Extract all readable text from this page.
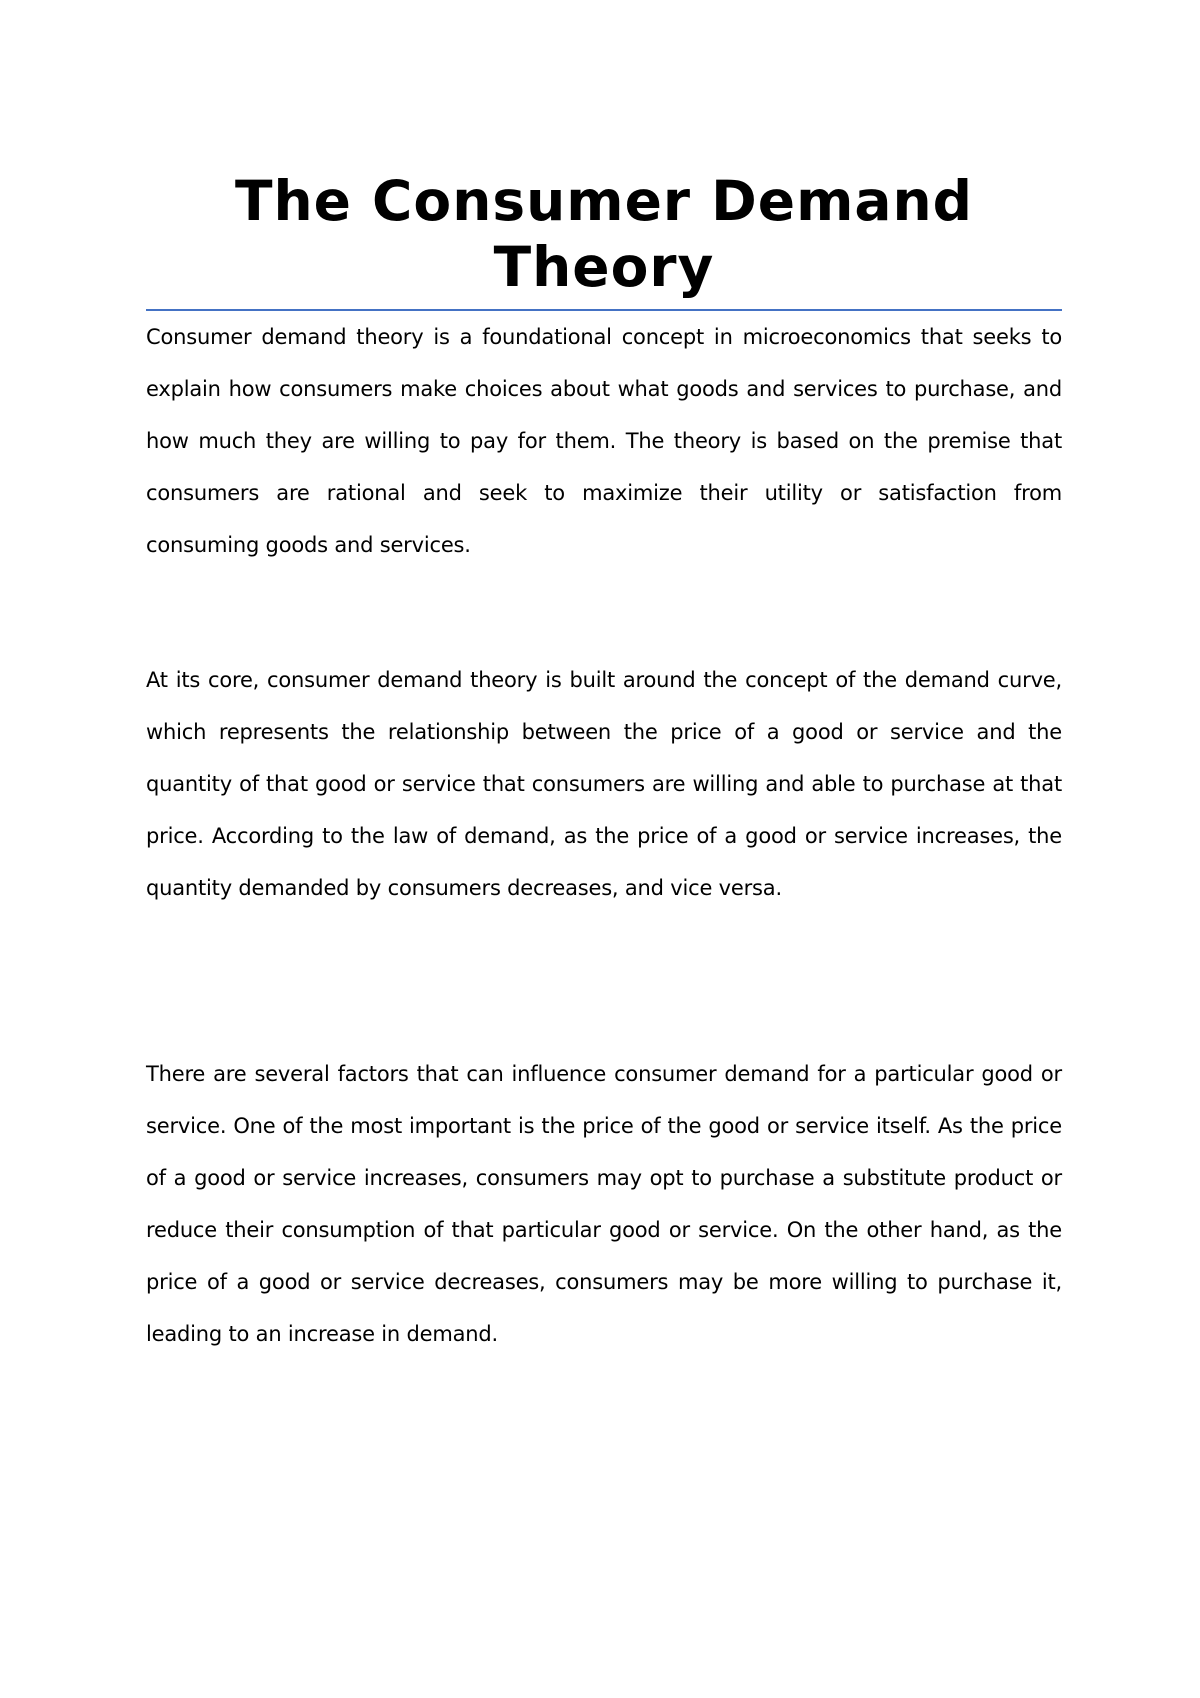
The Consumer Demand Theory

Consumer demand theory is a foundational concept in microeconomics that seeks to explain how consumers make choices about what goods and services to purchase, and how much they are willing to pay for them. The theory is based on the premise that consumers are rational and seek to maximize their utility or satisfaction from consuming goods and services.

At its core, consumer demand theory is built around the concept of the demand curve, which represents the relationship between the price of a good or service and the quantity of that good or service that consumers are willing and able to purchase at that price. According to the law of demand, as the price of a good or service increases, the quantity demanded by consumers decreases, and vice versa.

There are several factors that can influence consumer demand for a particular good or service. One of the most important is the price of the good or service itself. As the price of a good or service increases, consumers may opt to purchase a substitute product or reduce their consumption of that particular good or service. On the other hand, as the price of a good or service decreases, consumers may be more willing to purchase it, leading to an increase in demand.
